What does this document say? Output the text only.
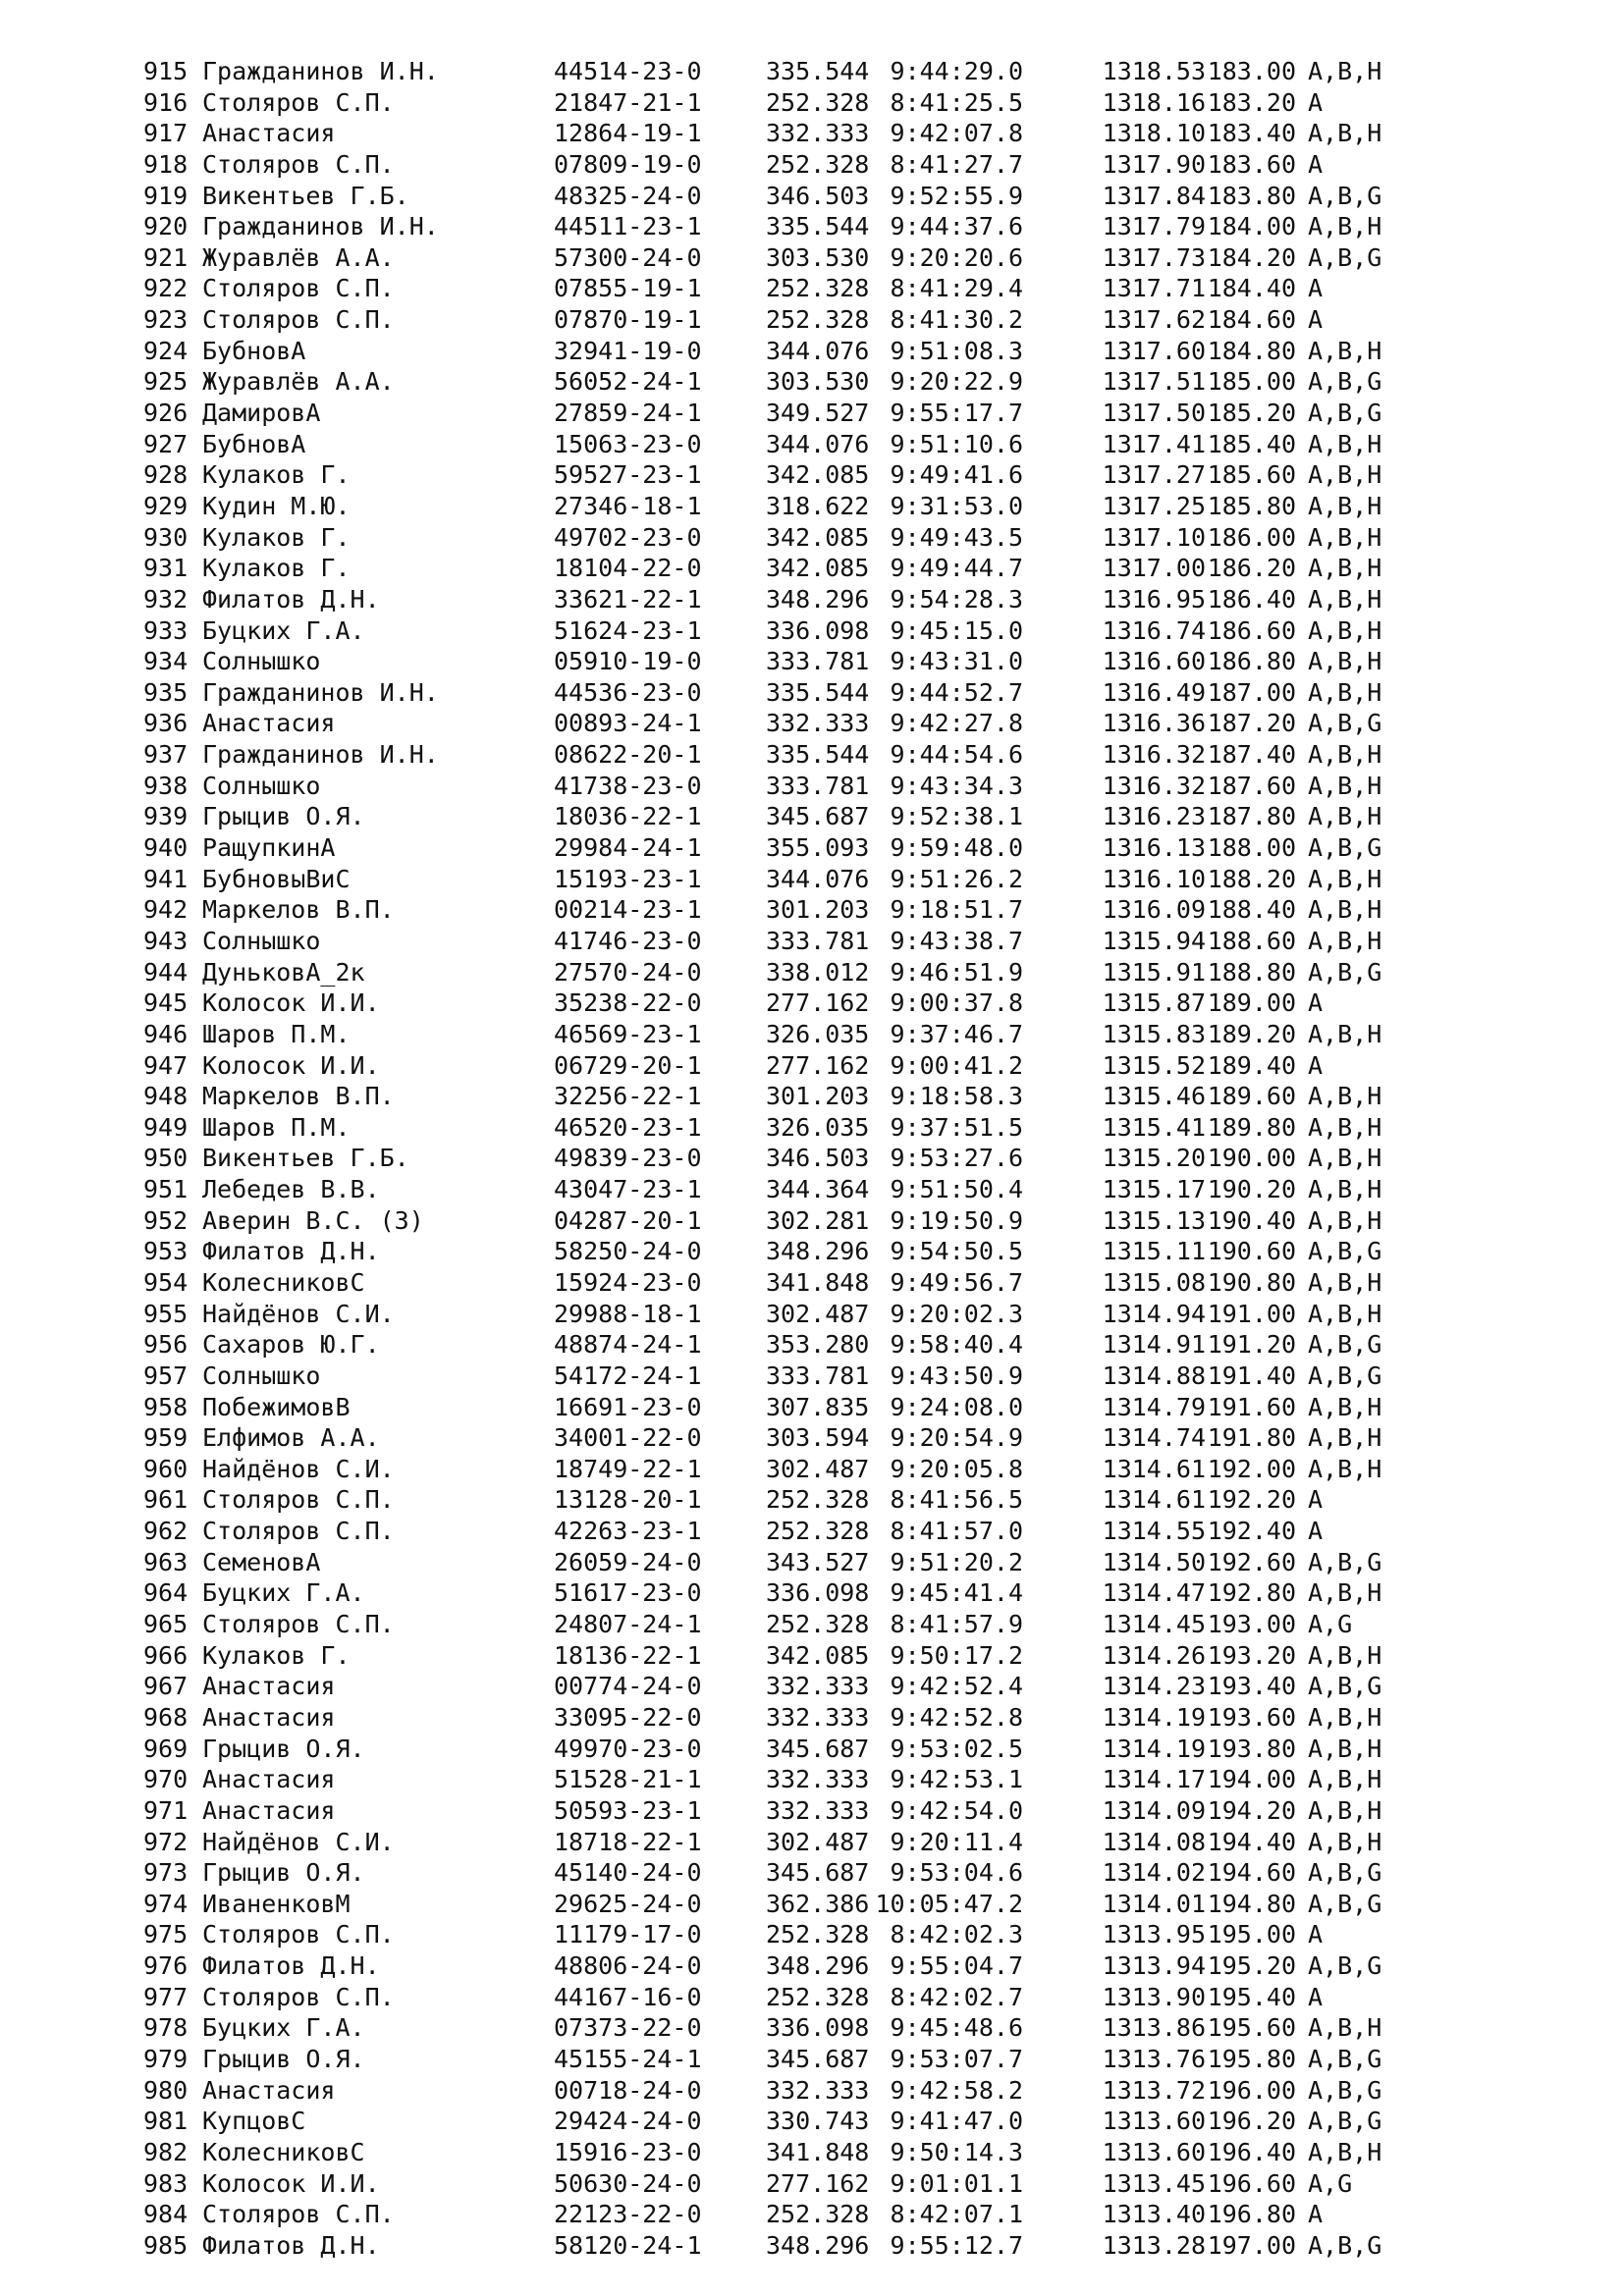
915 Гражданинов И.Н.	44514-23-0	335.544 9:44:29.0	1318.53 183.00 A,B,H
916 Столяров С.П.	21847-21-1	252.328 8:41:25.5	1318.16 183.20 A
917 Анастасия	12864-19-1	332.333 9:42:07.8	1318.10 183.40 A,B,H
918 Столяров С.П.	07809-19-0	252.328 8:41:27.7	1317.90 183.60 A
919 Викентьев Г.Б.	48325-24-0	346.503 9:52:55.9	1317.84 183.80 A,B,G
920 Гражданинов И.Н.	44511-23-1	335.544 9:44:37.6	1317.79 184.00 A,B,H
921 Журавлёв А.А.	57300-24-0	303.530 9:20:20.6	1317.73 184.20 A,B,G
922 Столяров С.П.	07855-19-1	252.328 8:41:29.4	1317.71 184.40 A
923 Столяров С.П.	07870-19-1	252.328 8:41:30.2	1317.62 184.60 A
924 БубновА	32941-19-0	344.076 9:51:08.3	1317.60 184.80 A,B,H
925 Журавлёв А.А.	56052-24-1	303.530 9:20:22.9	1317.51 185.00 A,B,G
926 ДамировА	27859-24-1	349.527 9:55:17.7	1317.50 185.20 A,B,G
927 БубновА	15063-23-0	344.076 9:51:10.6	1317.41 185.40 A,B,H
928 Кулаков Г.	59527-23-1	342.085 9:49:41.6	1317.27 185.60 A,B,H
929 Кудин М.Ю.	27346-18-1	318.622 9:31:53.0	1317.25 185.80 A,B,H
930 Кулаков Г.	49702-23-0	342.085 9:49:43.5	1317.10 186.00 A,B,H
931 Кулаков Г.	18104-22-0	342.085 9:49:44.7	1317.00 186.20 A,B,H
932 Филатов Д.Н.	33621-22-1	348.296 9:54:28.3	1316.95 186.40 A,B,H
933 Буцких Г.А.	51624-23-1	336.098 9:45:15.0	1316.74 186.60 A,B,H
934 Солнышко	05910-19-0	333.781 9:43:31.0	1316.60 186.80 A,B,H
935 Гражданинов И.Н.	44536-23-0	335.544 9:44:52.7	1316.49 187.00 A,B,H
936 Анастасия	00893-24-1	332.333 9:42:27.8	1316.36 187.20 A,B,G
937 Гражданинов И.Н.	08622-20-1	335.544 9:44:54.6	1316.32 187.40 A,B,H
938 Солнышко	41738-23-0	333.781 9:43:34.3	1316.32 187.60 A,B,H
939 Грыцив О.Я.	18036-22-1	345.687 9:52:38.1	1316.23 187.80 A,B,H
940 РащупкинА	29984-24-1	355.093 9:59:48.0	1316.13 188.00 A,B,G
941 БубновыВиС	15193-23-1	344.076 9:51:26.2	1316.10 188.20 A,B,H
942 Маркелов В.П.	00214-23-1	301.203 9:18:51.7	1316.09 188.40 A,B,H
943 Солнышко	41746-23-0	333.781 9:43:38.7	1315.94 188.60 A,B,H
944 ДуньковА_2к	27570-24-0	338.012 9:46:51.9	1315.91 188.80 A,B,G
945 Колосок И.И.	35238-22-0	277.162 9:00:37.8	1315.87 189.00 A
946 Шаров П.М.	46569-23-1	326.035 9:37:46.7	1315.83 189.20 A,B,H
947 Колосок И.И.	06729-20-1	277.162 9:00:41.2	1315.52 189.40 A
948 Маркелов В.П.	32256-22-1	301.203 9:18:58.3	1315.46 189.60 A,B,H
949 Шаров П.М.	46520-23-1	326.035 9:37:51.5	1315.41 189.80 A,B,H
950 Викентьев Г.Б.	49839-23-0	346.503 9:53:27.6	1315.20 190.00 A,B,H
951 Лебедев В.В.	43047-23-1	344.364 9:51:50.4	1315.17 190.20 A,B,H
952 Аверин В.С. (З)	04287-20-1	302.281 9:19:50.9	1315.13 190.40 A,B,H
953 Филатов Д.Н.	58250-24-0	348.296 9:54:50.5	1315.11 190.60 A,B,G
954 КолесниковС	15924-23-0	341.848 9:49:56.7	1315.08 190.80 A,B,H
955 Найдёнов С.И.	29988-18-1	302.487 9:20:02.3	1314.94 191.00 A,B,H
956 Сахаров Ю.Г.	48874-24-1	353.280 9:58:40.4	1314.91 191.20 A,B,G
957 Солнышко	54172-24-1	333.781 9:43:50.9	1314.88 191.40 A,B,G
958 ПобежимовВ	16691-23-0	307.835 9:24:08.0	1314.79 191.60 A,B,H
959 Елфимов А.А.	34001-22-0	303.594 9:20:54.9	1314.74 191.80 A,B,H
960 Найдёнов С.И.	18749-22-1	302.487 9:20:05.8	1314.61 192.00 A,B,H
961 Столяров С.П.	13128-20-1	252.328 8:41:56.5	1314.61 192.20 A
962 Столяров С.П.	42263-23-1	252.328 8:41:57.0	1314.55 192.40 A
963 СеменовА	26059-24-0	343.527 9:51:20.2	1314.50 192.60 A,B,G
964 Буцких Г.А.	51617-23-0	336.098 9:45:41.4	1314.47 192.80 A,B,H
965 Столяров С.П.	24807-24-1	252.328 8:41:57.9	1314.45 193.00 A,G
966 Кулаков Г.	18136-22-1	342.085 9:50:17.2	1314.26 193.20 A,B,H
967 Анастасия	00774-24-0	332.333 9:42:52.4	1314.23 193.40 A,B,G
968 Анастасия	33095-22-0	332.333 9:42:52.8	1314.19 193.60 A,B,H
969 Грыцив О.Я.	49970-23-0	345.687 9:53:02.5	1314.19 193.80 A,B,H
970 Анастасия	51528-21-1	332.333 9:42:53.1	1314.17 194.00 A,B,H
971 Анастасия	50593-23-1	332.333 9:42:54.0	1314.09 194.20 A,B,H
972 Найдёнов С.И.	18718-22-1	302.487 9:20:11.4	1314.08 194.40 A,B,H
973 Грыцив О.Я.	45140-24-0	345.687 9:53:04.6	1314.02 194.60 A,B,G
974 ИваненковМ	29625-24-0	362.386 10:05:47.2	1314.01 194.80 A,B,G
975 Столяров С.П.	11179-17-0	252.328 8:42:02.3	1313.95 195.00 A
976 Филатов Д.Н.	48806-24-0	348.296 9:55:04.7	1313.94 195.20 A,B,G
977 Столяров С.П.	44167-16-0	252.328 8:42:02.7	1313.90 195.40 A
978 Буцких Г.А.	07373-22-0	336.098 9:45:48.6	1313.86 195.60 A,B,H
979 Грыцив О.Я.	45155-24-1	345.687 9:53:07.7	1313.76 195.80 A,B,G
980 Анастасия	00718-24-0	332.333 9:42:58.2	1313.72 196.00 A,B,G
981 КупцовС	29424-24-0	330.743 9:41:47.0	1313.60 196.20 A,B,G
982 КолесниковС	15916-23-0	341.848 9:50:14.3	1313.60 196.40 A,B,H
983 Колосок И.И.	50630-24-0	277.162 9:01:01.1	1313.45 196.60 A,G
984 Столяров С.П.	22123-22-0	252.328 8:42:07.1	1313.40 196.80 A
985 Филатов Д.Н.	58120-24-1	348.296 9:55:12.7	1313.28 197.00 A,B,G
